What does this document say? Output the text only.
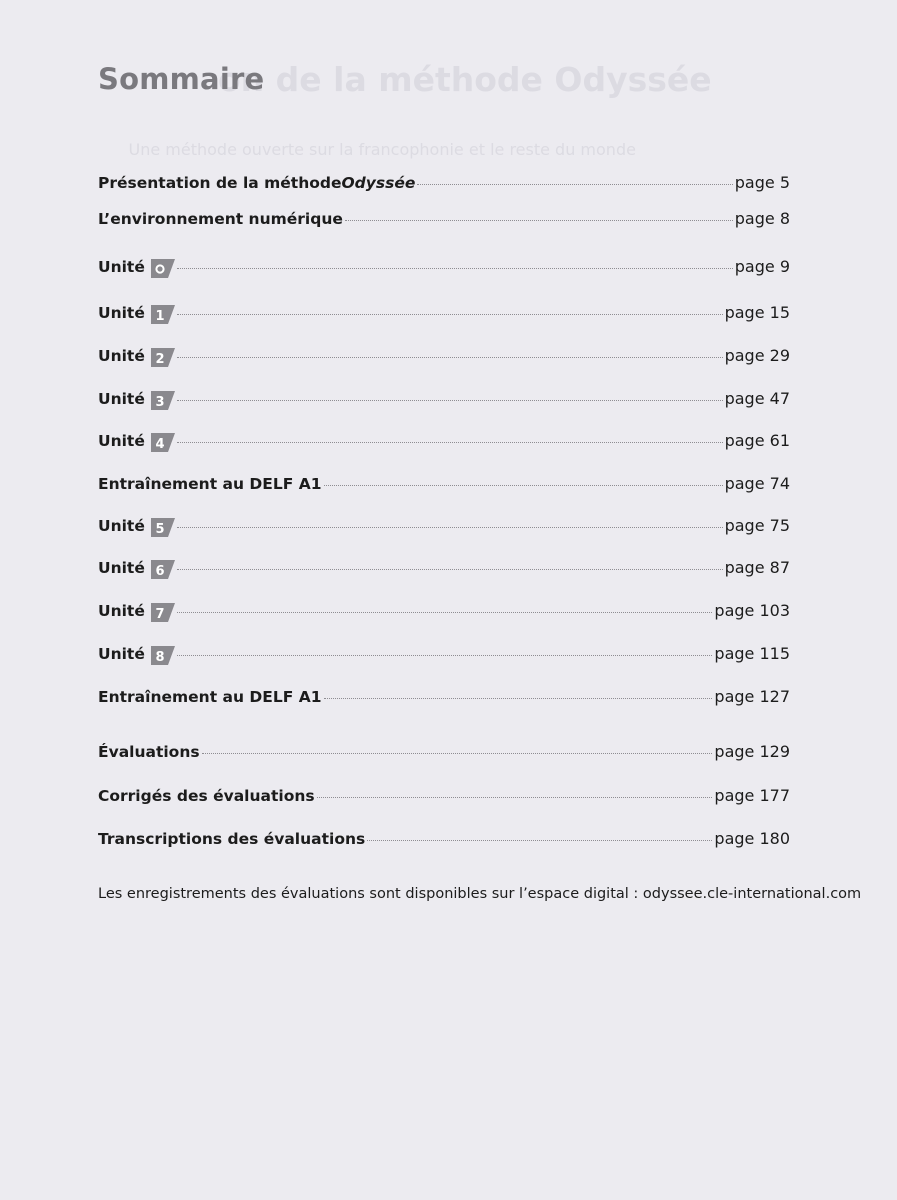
on de la méthode Odyssée

Une méthode ouverte sur la francophonie et le reste du monde

Sommaire
Présentation de la méthode Odyssée	page 5
L’environnement numérique	page 8
Unité	page 9
Unité 1	page 15
Unité 2	page 29
Unité 3	page 47
Unité 4	page 61
Entraînement au DELF A1	page 74
Unité 5	page 75
Unité 6	page 87
Unité 7	page 103
Unité 8	page 115
Entraînement au DELF A1	page 127
Évaluations	page 129
Corrigés des évaluations	page 177
Transcriptions des évaluations	page 180
Les enregistrements des évaluations sont disponibles sur l’espace digital : odyssee.cle-international.com
